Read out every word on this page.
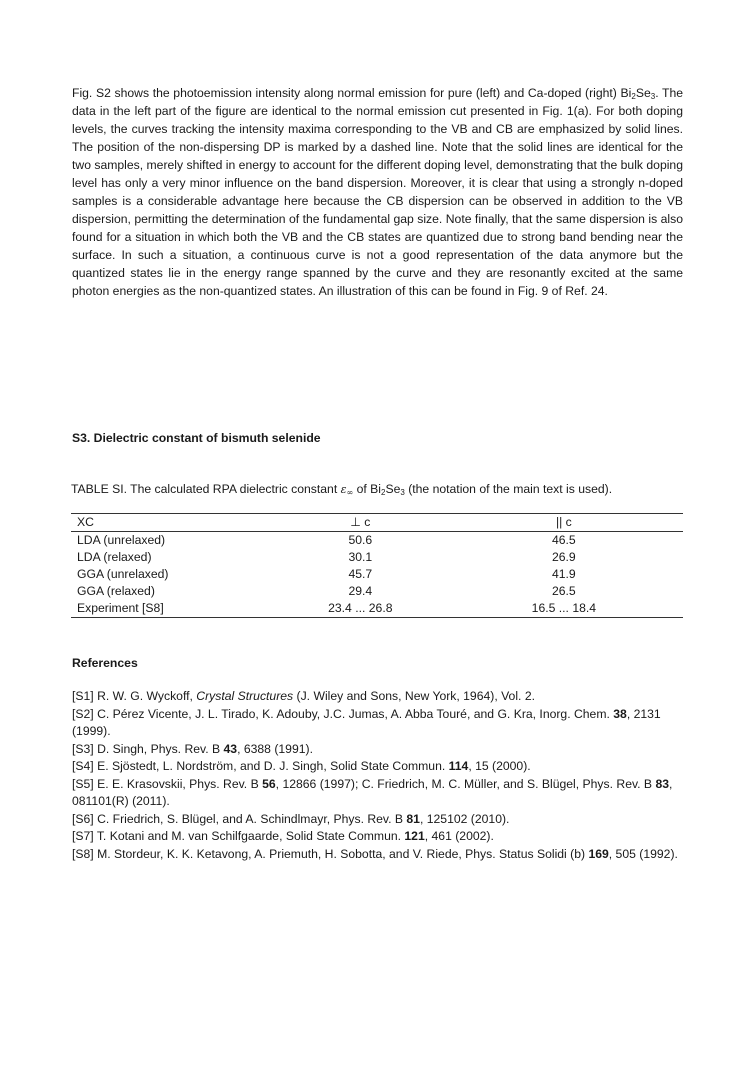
Fig. S2 shows the photoemission intensity along normal emission for pure (left) and Ca-doped (right) $Bi_2Se_3$. The data in the left part of the figure are identical to the normal emission cut presented in Fig. 1(a). For both doping levels, the curves tracking the intensity maxima corresponding to the VB and CB are emphasized by solid lines. The position of the non-dispersing DP is marked by a dashed line. Note that the solid lines are identical for the two samples, merely shifted in energy to account for the different doping level, demonstrating that the bulk doping level has only a very minor influence on the band dispersion. Moreover, it is clear that using a strongly n-doped samples is a considerable advantage here because the CB dispersion can be observed in addition to the VB dispersion, permitting the determination of the fundamental gap size. Note finally, that the same dispersion is also found for a situation in which both the VB and the CB states are quantized due to strong band bending near the surface. In such a situation, a continuous curve is not a good representation of the data anymore but the quantized states lie in the energy range spanned by the curve and they are resonantly excited at the same photon energies as the non-quantized states. An illustration of this can be found in Fig. 9 of Ref. 24.

S3. Dielectric constant of bismuth selenide
TABLE SI. The calculated RPA dielectric constant $\varepsilon_\infty$ of $Bi_2Se_3$ (the notation of the main text is used).
XC	⊥ c	|| c
LDA (unrelaxed)	50.6	46.5
LDA (relaxed)	30.1	26.9
GGA (unrelaxed)	45.7	41.9
GGA (relaxed)	29.4	26.5
Experiment [S8]	23.4 ... 26.8	16.5 ... 18.4
References
[S1] R. W. G. Wyckoff, Crystal Structures (J. Wiley and Sons, New York, 1964), Vol. 2.
[S2] C. Pérez Vicente, J. L. Tirado, K. Adouby, J.C. Jumas, A. Abba Touré, and G. Kra, Inorg. Chem. 38, 2131 (1999).
[S3] D. Singh, Phys. Rev. B 43, 6388 (1991).
[S4] E. Sjöstedt, L. Nordström, and D. J. Singh, Solid State Commun. 114, 15 (2000).
[S5] E. E. Krasovskii, Phys. Rev. B 56, 12866 (1997); C. Friedrich, M. C. Müller, and S. Blügel, Phys. Rev. B 83, 081101(R) (2011).
[S6] C. Friedrich, S. Blügel, and A. Schindlmayr, Phys. Rev. B 81, 125102 (2010).
[S7] T. Kotani and M. van Schilfgaarde, Solid State Commun. 121, 461 (2002).
[S8] M. Stordeur, K. K. Ketavong, A. Priemuth, H. Sobotta, and V. Riede, Phys. Status Solidi (b) 169, 505 (1992).
